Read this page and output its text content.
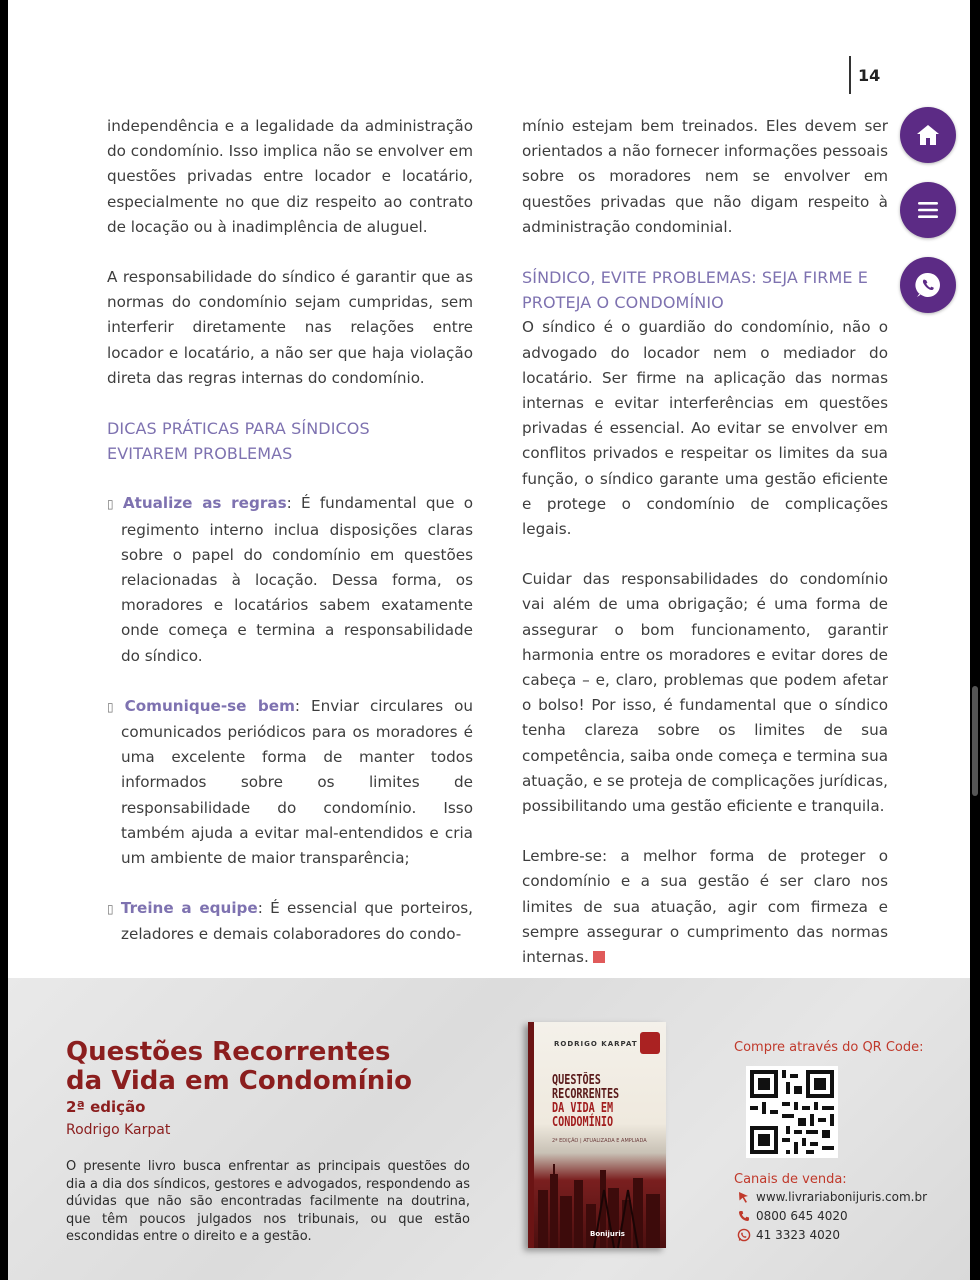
14

independência e a legalidade da administração do condomínio. Isso implica não se envolver em questões privadas entre locador e locatário, especialmente no que diz respeito ao contrato de locação ou à inadimplência de aluguel.

A responsabilidade do síndico é garantir que as normas do condomínio sejam cumpridas, sem interferir diretamente nas relações entre locador e locatário, a não ser que haja violação direta das regras internas do condomínio.

DICAS PRÁTICAS PARA SÍNDICOS
EVITAREM PROBLEMAS

▯ Atualize as regras: É fundamental que o regimento interno inclua disposições claras sobre o papel do condomínio em questões relacionadas à locação. Dessa forma, os moradores e locatários sabem exatamente onde começa e termina a responsabilidade do síndico.

▯ Comunique-se bem: Enviar circulares ou comunicados periódicos para os moradores é uma excelente forma de manter todos informados sobre os limites de responsabilidade do condomínio. Isso também ajuda a evitar mal-entendidos e cria um ambiente de maior transparência;

▯ Treine a equipe: É essencial que porteiros, zeladores e demais colaboradores do condo-

mínio estejam bem treinados. Eles devem ser orientados a não fornecer informações pessoais sobre os moradores nem se envolver em questões privadas que não digam respeito à administração condominial.

SÍNDICO, EVITE PROBLEMAS: SEJA FIRME E
PROTEJA O CONDOMÍNIO

O síndico é o guardião do condomínio, não o advogado do locador nem o mediador do locatário. Ser firme na aplicação das normas internas e evitar interferências em questões privadas é essencial. Ao evitar se envolver em conflitos privados e respeitar os limites da sua função, o síndico garante uma gestão eficiente e protege o condomínio de complicações legais.

Cuidar das responsabilidades do condomínio vai além de uma obrigação; é uma forma de assegurar o bom funcionamento, garantir harmonia entre os moradores e evitar dores de cabeça – e, claro, problemas que podem afetar o bolso! Por isso, é fundamental que o síndico tenha clareza sobre os limites de sua competência, saiba onde começa e termina sua atuação, e se proteja de complicações jurídicas, possibilitando uma gestão eficiente e tranquila.

Lembre-se: a melhor forma de proteger o condomínio e a sua gestão é ser claro nos limites de sua atuação, agir com firmeza e sempre assegurar o cumprimento das normas internas.

Questões Recorrentes
da Vida em Condomínio
2ª edição
Rodrigo Karpat
O presente livro busca enfrentar as principais questões do dia a dia dos síndicos, gestores e advogados, respondendo as dúvidas que não são encontradas facilmente na doutrina, que têm poucos julgados nos tribunais, ou que estão escondidas entre o direito e a gestão.
RODRIGO KARPAT
QUESTÕES
RECORRENTES
DA VIDA EM CONDOMÍNIO
2ª EDIÇÃO | ATUALIZADA E AMPLIADA
Bonijuris
Compre através do QR Code:
Canais de venda:
www.livrariabonijuris.com.br
0800 645 4020
41 3323 4020
